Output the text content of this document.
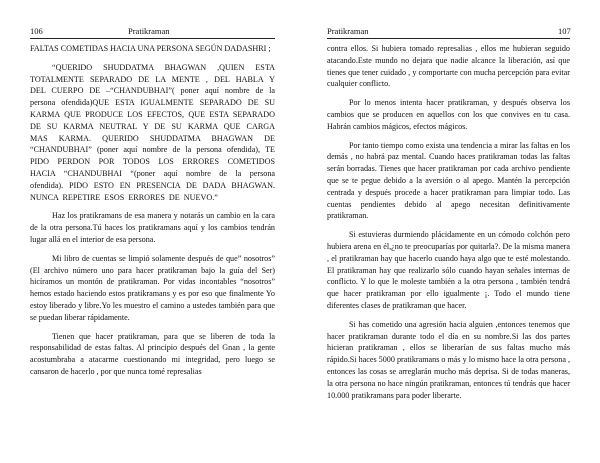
106	Pratikraman

FALTAS COMETIDAS HACIA UNA PERSONA SEGÚN DADASHRI ;

“QUERIDO SHUDDATMA BHAGWAN ,QUIEN ESTA TOTALMENTE SEPARADO DE LA MENTE , DEL HABLA Y DEL CUERPO DE –“CHANDUBHAI”( poner aquí nombre de la persona ofendida)QUE ESTA IGUALMENTE SEPARADO DE SU KARMA QUE PRODUCE LOS EFECTOS, QUE ESTA SEPARADO DE SU KARMA NEUTRAL Y DE SU KARMA QUE CARGA MAS KARMA. QUERIDO SHUDDATMA BHAGWAN DE “CHANDUBHAI” (poner aquí nombre de la persona ofendida), TE PIDO PERDON POR TODOS LOS ERRORES COMETIDOS HACIA “CHANDUBHAI “(poner aquí nombre de la persona ofendida). PIDO ESTO EN PRESENCIA DE DADA BHAGWAN. NUNCA REPETIRE ESOS ERRORES DE NUEVO.”

Haz los pratikramans de esa manera y notarás un cambio en la cara de la otra persona.Tú haces los pratikramans aquí y los cambios tendrán lugar allá en el interior de esa persona.

Mi libro de cuentas se limpió solamente después de que” nosotros” (El archivo número uno para hacer pratikraman bajo la guía del Ser) hicíramos un montón de pratikraman. Por vidas incontables “nosotros” hemos estado haciendo estos pratikramans y es por eso que finalmente Yo estoy liberado y libre.Yo les muestro el camino a ustedes también para que se puedan liberar rápidamente.

Tienen que hacer pratikraman, para que se liberen de toda la responsabilidad de estas faltas. Al principio después del Gnan , la gente acostumbraba a atacarme cuestionando mi integridad, pero luego se cansaron de hacerlo , por que nunca tomé represalias

Pratikraman	107

contra ellos. Si hubiera tomado represalias , ellos me hubieran seguido atacando.Este mundo no dejara que nadie alcance la liberación, así que tienes que tener cuidado , y comportarte con mucha percepción para evitar cualquier conflicto.

Por lo menos intenta hacer pratikraman, y después observa los cambios que se producen en aquellos con los que convives en tu casa. Habrán cambios mágicos, efectos mágicos.

Por tanto tiempo como exista una tendencia a mirar las faltas en los demás , no habrá paz mental. Cuando haces pratikraman todas las faltas serán borradas. Tienes que hacer pratikraman por cada archivo pendiente que se te pegue debido a la aversión o al apego. Mantén la percepción centrada y después procede a hacer pratikraman para limpiar todo. Las cuentas pendientes debido al apego necesitan definitivamente pratikraman.

Si estuvieras durmiendo plácidamente en un cómodo colchón pero hubiera arena en él,¿no te preocuparías por quitarla?. De la misma manera , el pratikraman hay que hacerlo cuando haya algo que te esté molestando. El pratikraman hay que realizarlo sólo cuando hayan señales internas de conflicto. Y lo que le moleste también a la otra persona , también tendrá que hacer pratikraman por ello igualmente ¡. Todo el mundo tiene diferentes clases de pratikraman que hacer.

Si has cometido una agresión hacia alguien ,entonces tenemos que hacer pratikraman durante todo el día en su nombre.Si las dos partes hicieran pratikraman , ellos se liberarían de sus faltas mucho más rápido.Si haces 5000 pratikramans o más y lo mismo hace la otra persona , entonces las cosas se arreglarán mucho más deprisa. Si de todas maneras, la otra persona no hace ningún pratikraman, entonces tú tendrás que hacer 10.000 pratikramans para poder liberarte.
